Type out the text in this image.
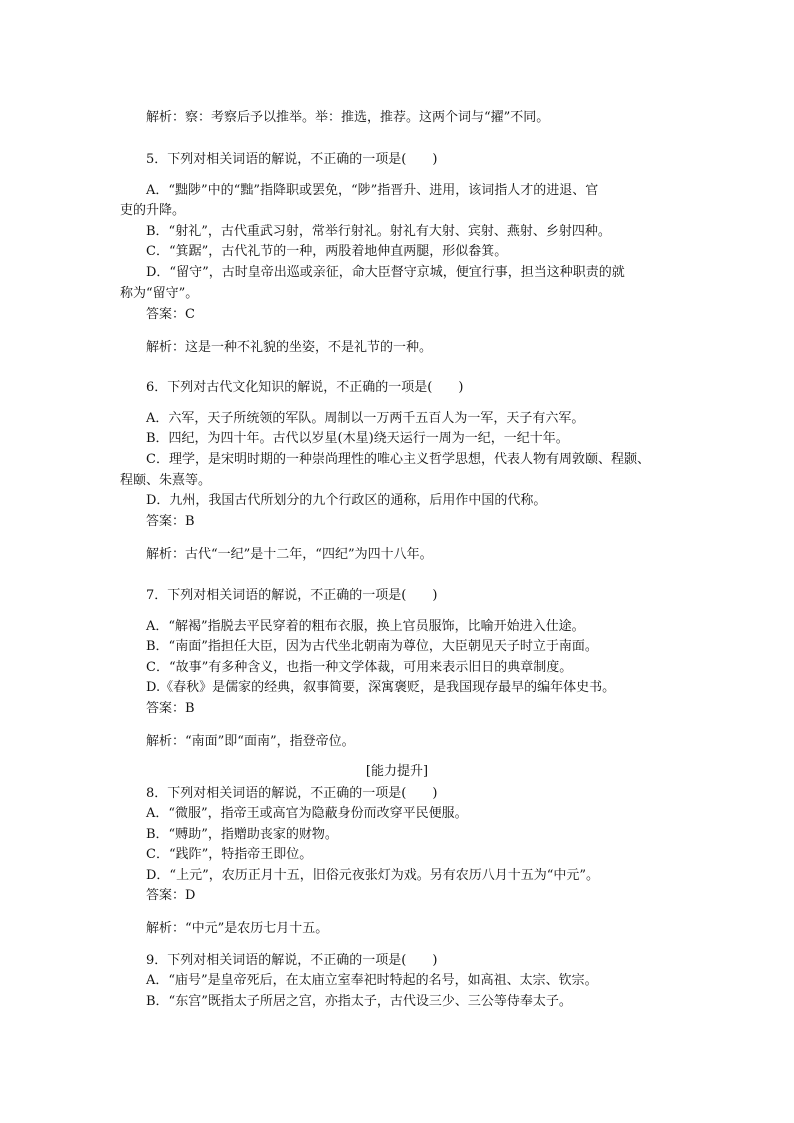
解析：察：考察后予以推举。举：推选，推荐。这两个词与“擢”不同。
5．下列对相关词语的解说，不正确的一项是(　　)
A．“黜陟”中的“黜”指降职或罢免，“陟”指晋升、进用，该词指人才的进退、官
吏的升降。
B．“射礼”，古代重武习射，常举行射礼。射礼有大射、宾射、燕射、乡射四种。
C．“箕踞”，古代礼节的一种，两股着地伸直两腿，形似畚箕。
D．“留守”，古时皇帝出巡或亲征，命大臣督守京城，便宜行事，担当这种职责的就
称为“留守”。
答案：C
解析：这是一种不礼貌的坐姿，不是礼节的一种。
6．下列对古代文化知识的解说，不正确的一项是(　　)
A．六军，天子所统领的军队。周制以一万两千五百人为一军，天子有六军。
B．四纪，为四十年。古代以岁星(木星)绕天运行一周为一纪，一纪十年。
C．理学，是宋明时期的一种崇尚理性的唯心主义哲学思想，代表人物有周敦颐、程颢、
程颐、朱熹等。
D．九州，我国古代所划分的九个行政区的通称，后用作中国的代称。
答案：B
解析：古代“一纪”是十二年，“四纪”为四十八年。
7．下列对相关词语的解说，不正确的一项是(　　)
A．“解褐”指脱去平民穿着的粗布衣服，换上官员服饰，比喻开始进入仕途。
B．“南面”指担任大臣，因为古代坐北朝南为尊位，大臣朝见天子时立于南面。
C．“故事”有多种含义，也指一种文学体裁，可用来表示旧日的典章制度。
D.《春秋》是儒家的经典，叙事简要，深寓褒贬，是我国现存最早的编年体史书。
答案：B
解析：“南面”即“面南”，指登帝位。
[能力提升]
8．下列对相关词语的解说，不正确的一项是(　　)
A．“微服”，指帝王或高官为隐蔽身份而改穿平民便服。
B．“赙助”，指赠助丧家的财物。
C．“践阼”，特指帝王即位。
D．“上元”，农历正月十五，旧俗元夜张灯为戏。另有农历八月十五为“中元”。
答案：D
解析：“中元”是农历七月十五。
9．下列对相关词语的解说，不正确的一项是(　　)
A．“庙号”是皇帝死后，在太庙立室奉祀时特起的名号，如高祖、太宗、钦宗。
B．“东宫”既指太子所居之宫，亦指太子，古代设三少、三公等侍奉太子。
